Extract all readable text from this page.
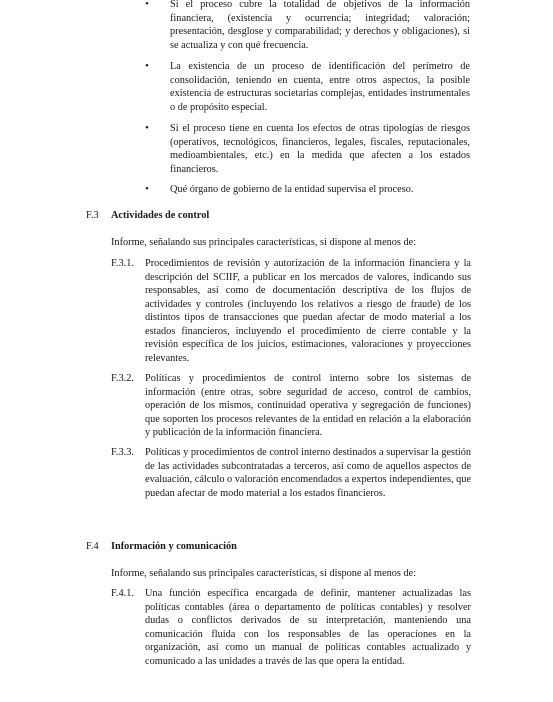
• Si el proceso cubre la totalidad de objetivos de la información financiera, (existencia y ocurrencia; integridad; valoración; presentación, desglose y comparabilidad; y derechos y obligaciones), si se actualiza y con qué frecuencia.
• La existencia de un proceso de identificación del perímetro de consolidación, teniendo en cuenta, entre otros aspectos, la posible existencia de estructuras societarias complejas, entidades instrumentales o de propósito especial.
• Si el proceso tiene en cuenta los efectos de otras tipologías de riesgos (operativos, tecnológicos, financieros, legales, fiscales, reputacionales, medioambientales, etc.) en la medida que afecten a los estados financieros.
• Qué órgano de gobierno de la entidad supervisa el proceso.
F.3 Actividades de control
Informe, señalando sus principales características, si dispone al menos de:
F.3.1. Procedimientos de revisión y autorización de la información financiera y la descripción del SCIIF, a publicar en los mercados de valores, indicando sus responsables, así como de documentación descriptiva de los flujos de actividades y controles (incluyendo los relativos a riesgo de fraude) de los distintos tipos de transacciones que puedan afectar de modo material a los estados financieros, incluyendo el procedimiento de cierre contable y la revisión específica de los juicios, estimaciones, valoraciones y proyecciones relevantes.
F.3.2. Políticas y procedimientos de control interno sobre los sistemas de información (entre otras, sobre seguridad de acceso, control de cambios, operación de los mismos, continuidad operativa y segregación de funciones) que soporten los procesos relevantes de la entidad en relación a la elaboración y publicación de la información financiera.
F.3.3. Políticas y procedimientos de control interno destinados a supervisar la gestión de las actividades subcontratadas a terceros, así como de aquellos aspectos de evaluación, cálculo o valoración encomendados a expertos independientes, que puedan afectar de modo material a los estados financieros.
F.4 Información y comunicación
Informe, señalando sus principales características, si dispone al menos de:
F.4.1. Una función específica encargada de definir, mantener actualizadas las políticas contables (área o departamento de políticas contables) y resolver dudas o conflictos derivados de su interpretación, manteniendo una comunicación fluida con los responsables de las operaciones en la organización, así como un manual de políticas contables actualizado y comunicado a las unidades a través de las que opera la entidad.
